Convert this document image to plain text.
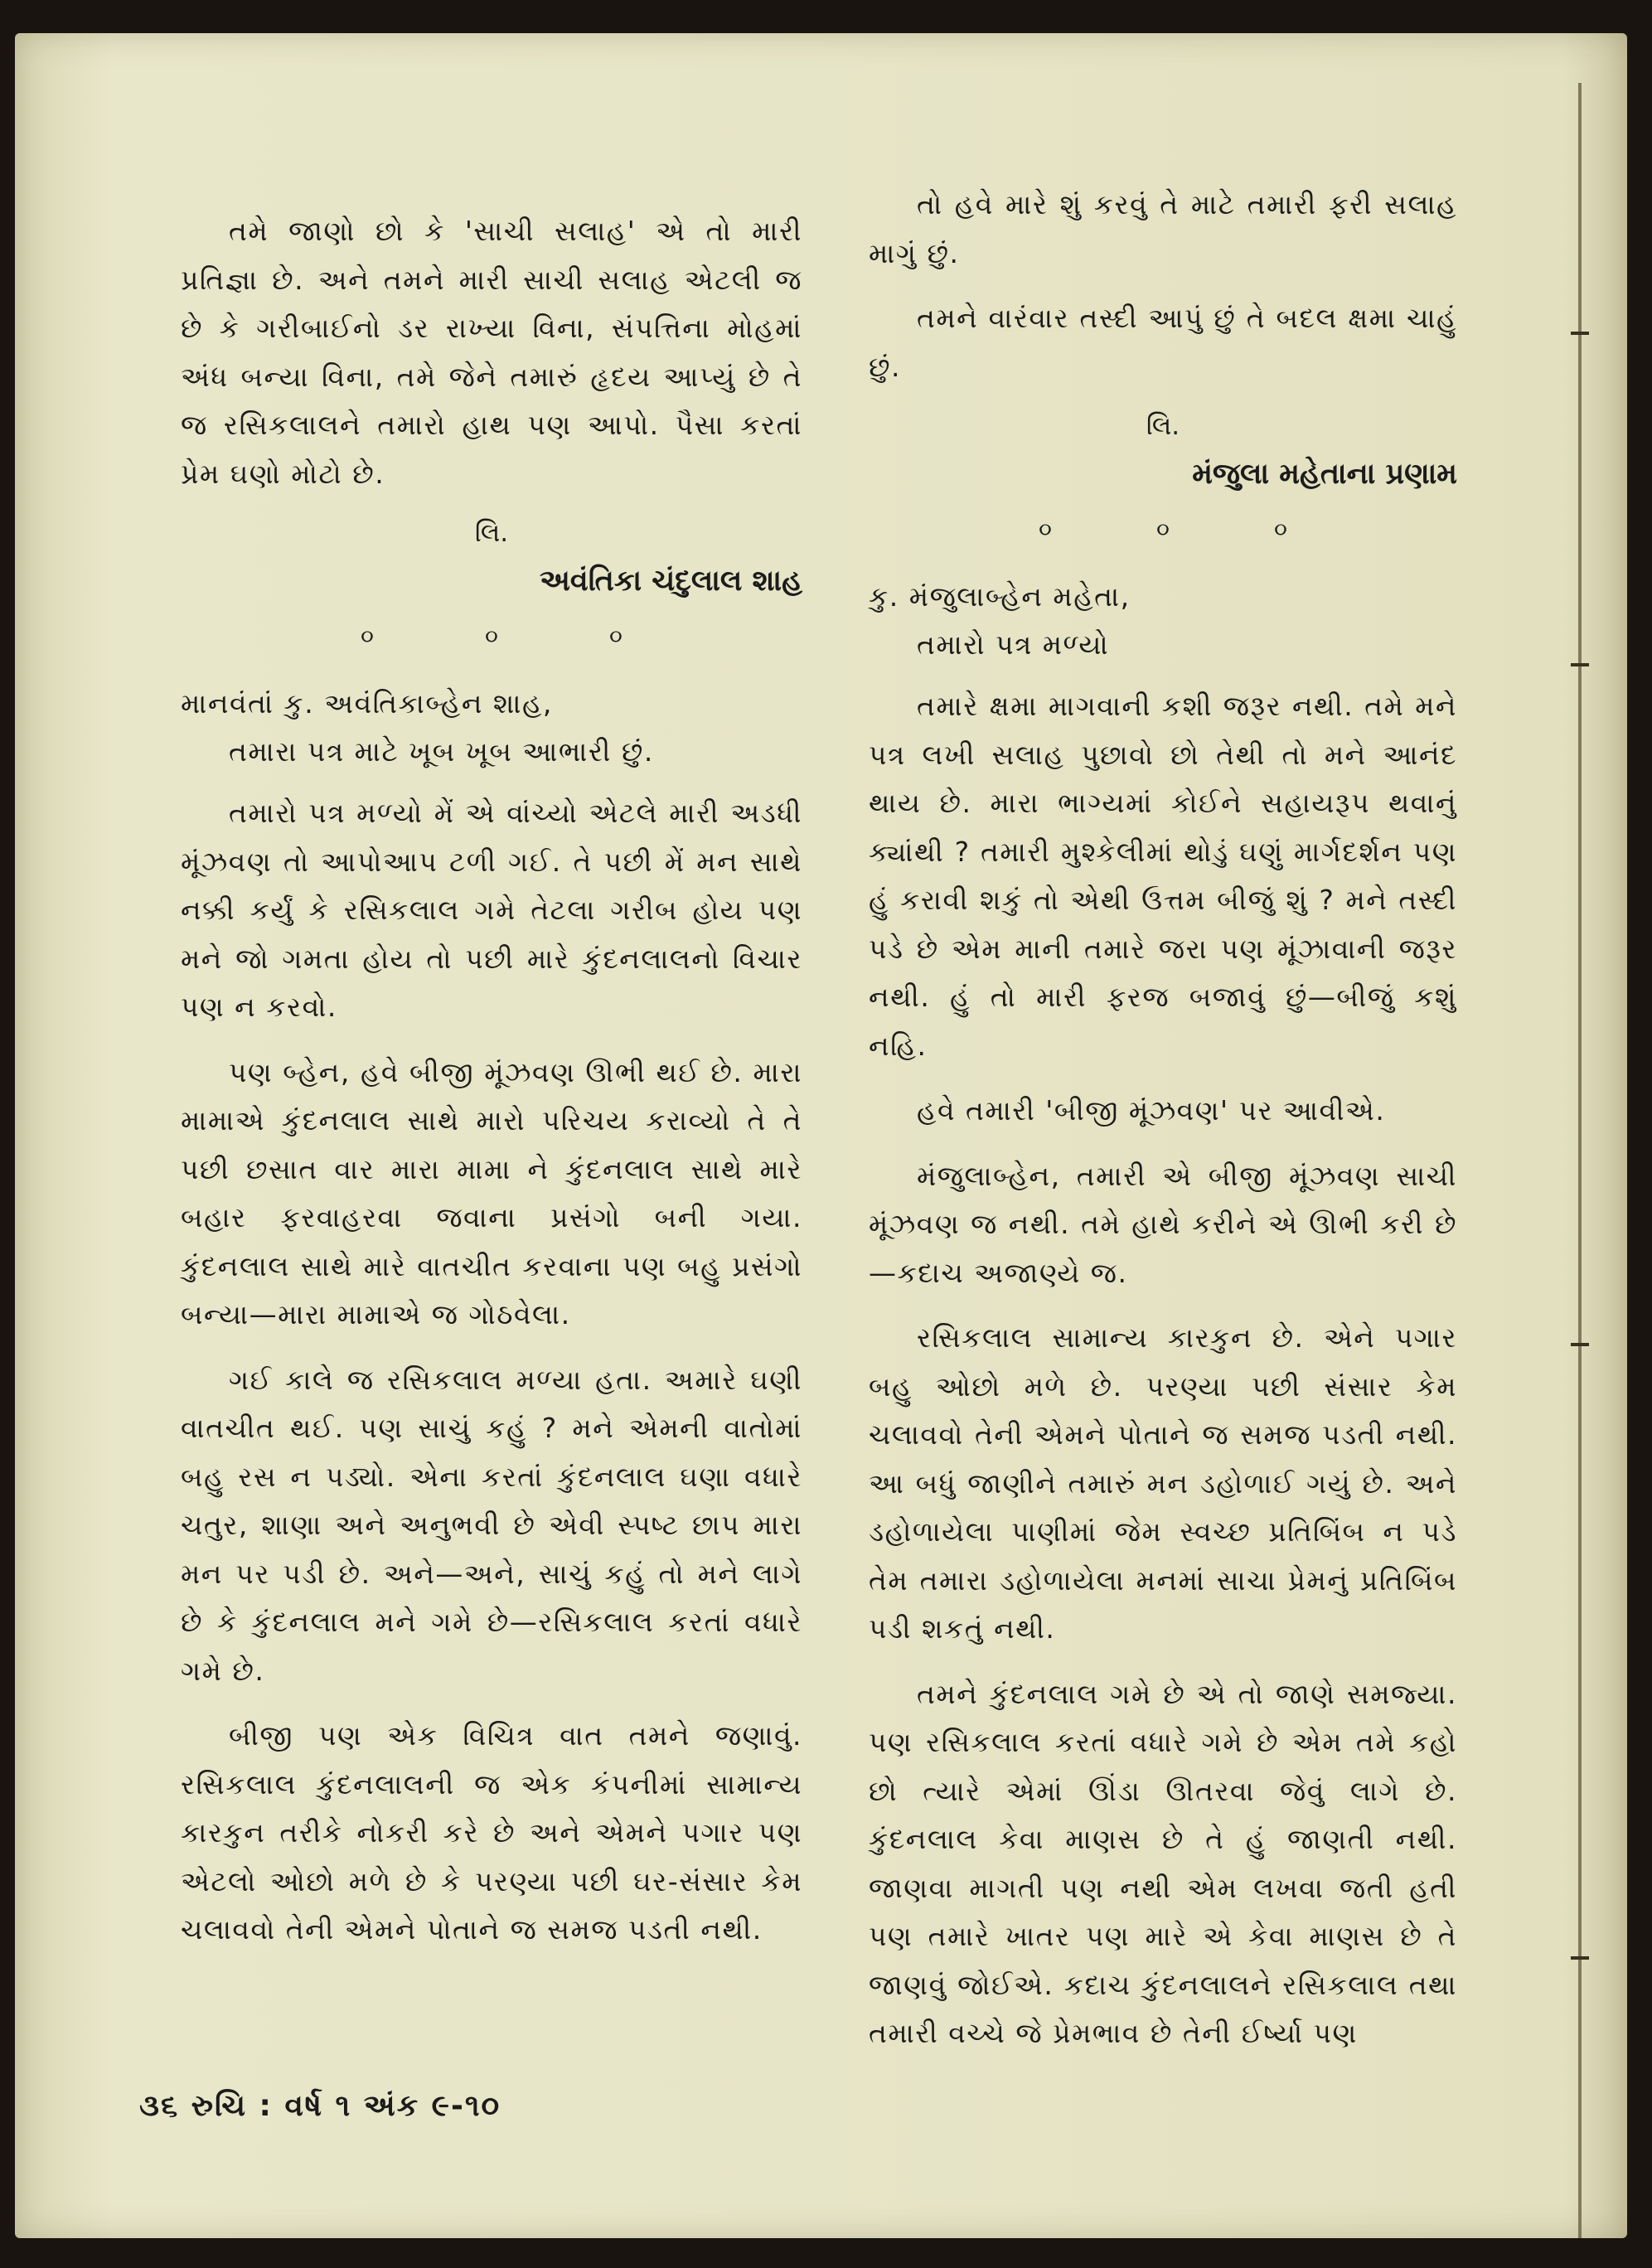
તમે જાણો છો કે 'સાચી સલાહ' એ તો મારી પ્રતિજ્ઞા છે. અને તમને મારી સાચી સલાહ એટલી જ છે કે ગરીબાઈનો ડર રાખ્યા વિના, સંપત્તિના મોહમાં અંધ બન્યા વિના, તમે જેને તમારું હૃદય આપ્યું છે તે જ રસિકલાલને તમારો હાથ પણ આપો. પૈસા કરતાં પ્રેમ ઘણો મોટો છે.

લિ.
અવંતિકા ચંદુલાલ શાહ
૦	૦	૦

માનવંતાં કુ. અવંતિકાબ્હેન શાહ,

તમારા પત્ર માટે ખૂબ ખૂબ આભારી છું.

તમારો પત્ર મળ્યો મેં એ વાંચ્યો એટલે મારી અડધી મૂંઝવણ તો આપોઆપ ટળી ગઈ. તે પછી મેં મન સાથે નક્કી કર્યું કે રસિકલાલ ગમે તેટલા ગરીબ હોય પણ મને જો ગમતા હોય તો પછી મારે કુંદનલાલનો વિચાર પણ ન કરવો.

પણ બ્હેન, હવે બીજી મૂંઝવણ ઊભી થઈ છે. મારા મામાએ કુંદનલાલ સાથે મારો પરિચય કરાવ્યો તે તે પછી છસાત વાર મારા મામા ને કુંદનલાલ સાથે મારે બહાર ફરવાહરવા જવાના પ્રસંગો બની ગયા. કુંદનલાલ સાથે મારે વાતચીત કરવાના પણ બહુ પ્રસંગો બન્યા—મારા મામાએ જ ગોઠવેલા.

ગઈ કાલે જ રસિકલાલ મળ્યા હતા. અમારે ઘણી વાતચીત થઈ. પણ સાચું કહું ? મને એમની વાતોમાં બહુ રસ ન પડ્યો. એના કરતાં કુંદનલાલ ઘણા વધારે ચતુર, શાણા અને અનુભવી છે એવી સ્પષ્ટ છાપ મારા મન પર પડી છે. અને—અને, સાચું કહું તો મને લાગે છે કે કુંદનલાલ મને ગમે છે—રસિકલાલ કરતાં વધારે ગમે છે.

બીજી પણ એક વિચિત્ર વાત તમને જણાવું. રસિકલાલ કુંદનલાલની જ એક કંપનીમાં સામાન્ય કારકુન તરીકે નોકરી કરે છે અને એમને પગાર પણ એટલો ઓછો મળે છે કે પરણ્યા પછી ઘર-સંસાર કેમ ચલાવવો તેની એમને પોતાને જ સમજ પડતી નથી.

તો હવે મારે શું કરવું તે માટે તમારી ફરી સલાહ માગું છું.

તમને વારંવાર તસ્દી આપું છું તે બદલ ક્ષમા ચાહું છું.

લિ.
મંજુલા મહેતાના પ્રણામ
૦	૦	૦

કુ. મંજુલાબ્હેન મહેતા,

તમારો પત્ર મળ્યો

તમારે ક્ષમા માગવાની કશી જરૂર નથી. તમે મને પત્ર લખી સલાહ પુછાવો છો તેથી તો મને આનંદ થાય છે. મારા ભાગ્યમાં કોઈને સહાયરૂપ થવાનું ક્યાંથી ? તમારી મુશ્કેલીમાં થોડું ઘણું માર્ગદર્શન પણ હું કરાવી શકું તો એથી ઉત્તમ બીજું શું ? મને તસ્દી પડે છે એમ માની તમારે જરા પણ મૂંઝાવાની જરૂર નથી. હું તો મારી ફરજ બજાવું છું—બીજું કશું નહિ.

હવે તમારી 'બીજી મૂંઝવણ' પર આવીએ.

મંજુલાબ્હેન, તમારી એ બીજી મૂંઝવણ સાચી મૂંઝવણ જ નથી. તમે હાથે કરીને એ ઊભી કરી છે—કદાચ અજાણ્યે જ.

રસિકલાલ સામાન્ય કારકુન છે. એને પગાર બહુ ઓછો મળે છે. પરણ્યા પછી સંસાર કેમ ચલાવવો તેની એમને પોતાને જ સમજ પડતી નથી. આ બધું જાણીને તમારું મન ડહોળાઈ ગયું છે. અને ડહોળાયેલા પાણીમાં જેમ સ્વચ્છ પ્રતિબિંબ ન પડે તેમ તમારા ડહોળાયેલા મનમાં સાચા પ્રેમનું પ્રતિબિંબ પડી શકતું નથી.

તમને કુંદનલાલ ગમે છે એ તો જાણે સમજ્યા. પણ રસિકલાલ કરતાં વધારે ગમે છે એમ તમે કહો છો ત્યારે એમાં ઊંડા ઊતરવા જેવું લાગે છે. કુંદનલાલ કેવા માણસ છે તે હું જાણતી નથી. જાણવા માગતી પણ નથી એમ લખવા જતી હતી પણ તમારે ખાતર પણ મારે એ કેવા માણસ છે તે જાણવું જોઈએ. કદાચ કુંદનલાલને રસિકલાલ તથા તમારી વચ્ચે જે પ્રેમભાવ છે તેની ઈર્ષ્યા પણ

૩૬ રુચિ : વર્ષ ૧ અંક ૯-૧૦
